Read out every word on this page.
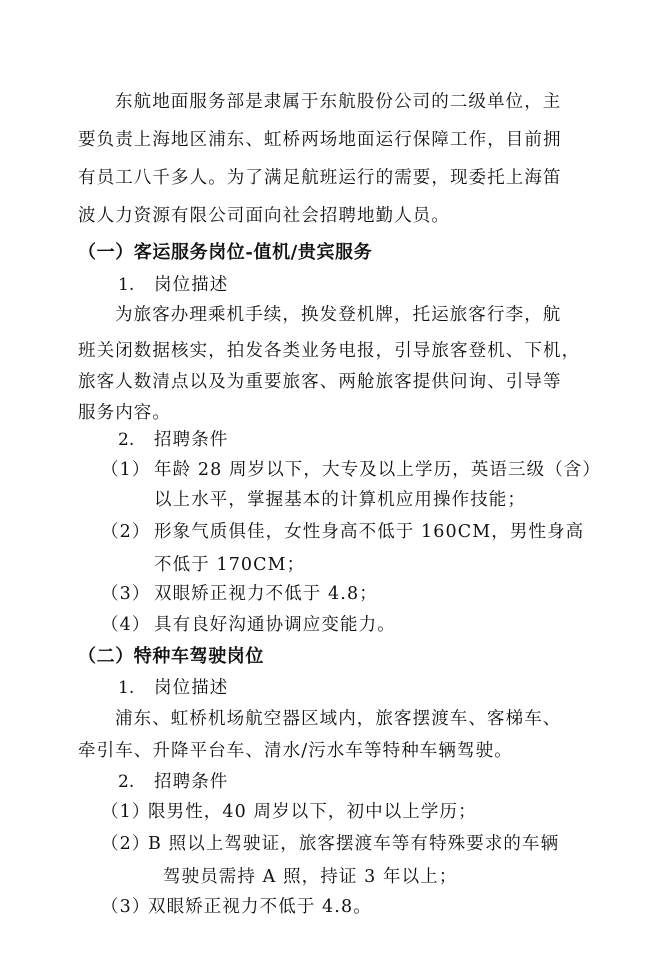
东航地面服务部是隶属于东航股份公司的二级单位，主
要负责上海地区浦东、虹桥两场地面运行保障工作，目前拥
有员工八千多人。为了满足航班运行的需要，现委托上海笛
波人力资源有限公司面向社会招聘地勤人员。
（一）客运服务岗位-值机/贵宾服务
1. 岗位描述
为旅客办理乘机手续，换发登机牌，托运旅客行李，航
班关闭数据核实，拍发各类业务电报，引导旅客登机、下机，
旅客人数清点以及为重要旅客、两舱旅客提供问询、引导等
服务内容。
2. 招聘条件
（1） 年龄 28 周岁以下，大专及以上学历，英语三级（含）
以上水平，掌握基本的计算机应用操作技能；
（2） 形象气质俱佳，女性身高不低于 160CM，男性身高
不低于 170CM；
（3） 双眼矫正视力不低于 4.8；
（4） 具有良好沟通协调应变能力。
（二）特种车驾驶岗位
1. 岗位描述
浦东、虹桥机场航空器区域内，旅客摆渡车、客梯车、
牵引车、升降平台车、清水/污水车等特种车辆驾驶。
2. 招聘条件
（1）
限男性，40 周岁以下，初中以上学历；
（2）
B 照以上驾驶证，旅客摆渡车等有特殊要求的车辆
驾驶员需持 A 照，持证 3 年以上；
（3）
双眼矫正视力不低于 4.8。
